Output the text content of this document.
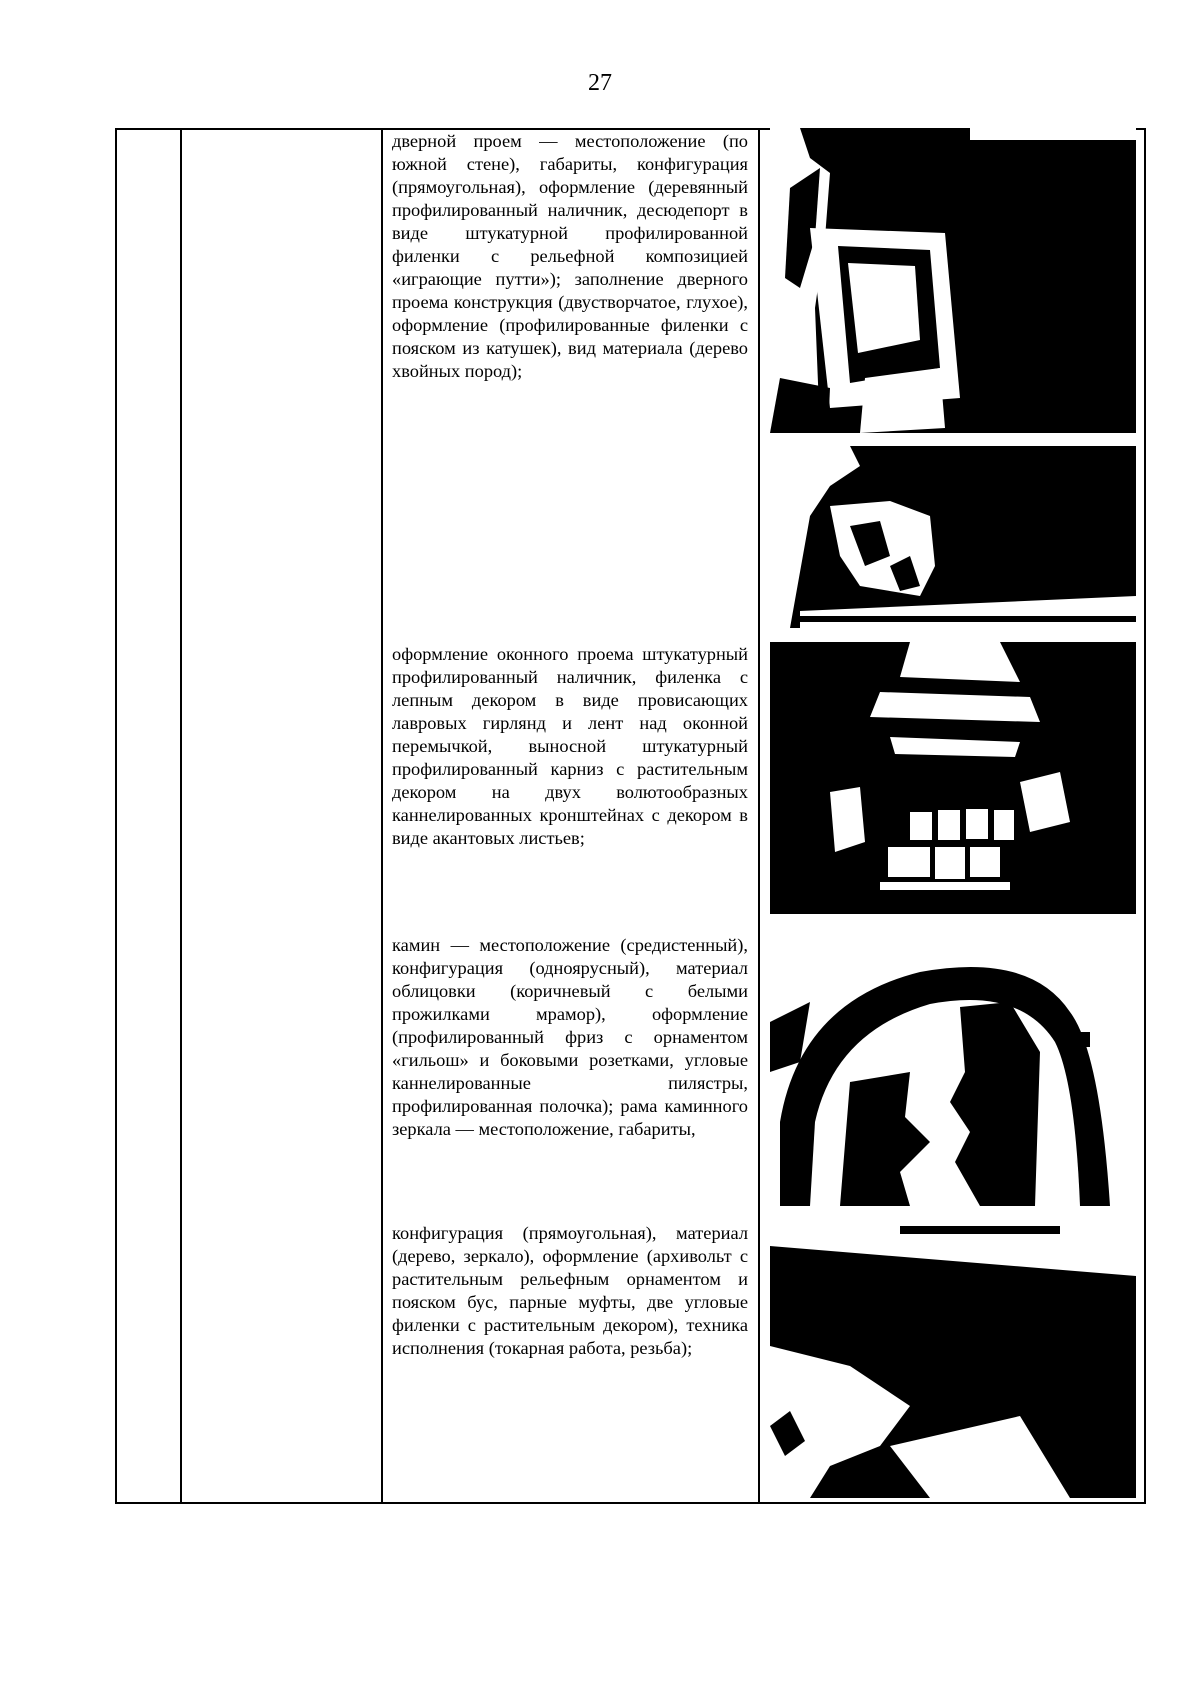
27
дверной проем — местоположение (по южной стене), габариты, конфигурация (прямоугольная), оформление (деревянный профилированный наличник, десюдепорт в виде штукатурной профилированной филенки с рельефной композицией «играющие путти»); заполнение дверного проема конструкция (двустворчатое, глухое), оформление (профилированные филенки с пояском из катушек), вид материала (дерево хвойных пород);
оформление оконного проема штукатурный профилированный наличник, филенка с лепным декором в виде провисающих лавровых гирлянд и лент над оконной перемычкой, выносной штукатурный профилированный карниз с растительным декором на двух волютообразных каннелированных кронштейнах с декором в виде акантовых листьев;
камин — местоположение (средистенный), конфигурация (одноярусный), материал облицовки (коричневый с белыми прожилками мрамор), оформление (профилированный фриз с орнаментом «гильош» и боковыми розетками, угловые каннелированные пилястры, профилированная полочка); рама каминного зеркала — местоположение, габариты,
конфигурация (прямоугольная), материал (дерево, зеркало), оформление (архивольт с растительным рельефным орнаментом и пояском бус, парные муфты, две угловые филенки с растительным декором), техника исполнения (токарная работа, резьба);
